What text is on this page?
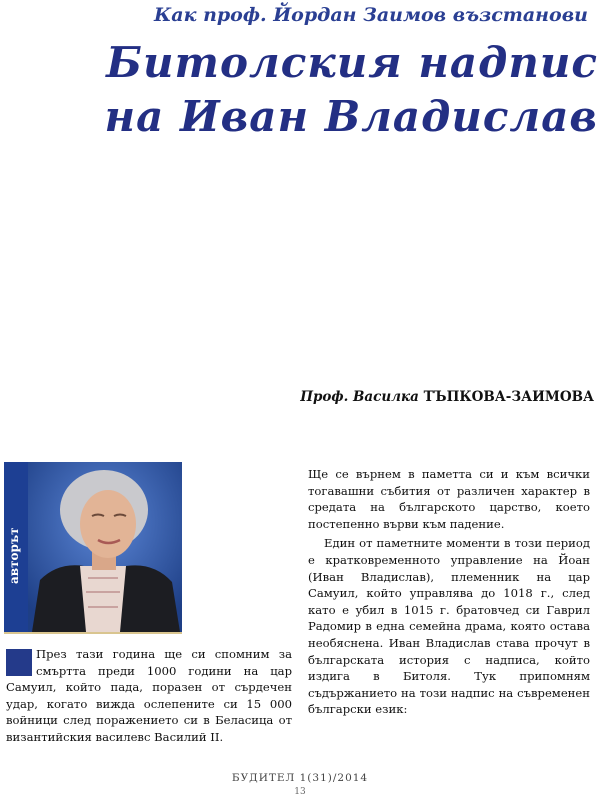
Как проф. Йордан Заимов възстанови
Битолския надпис на Иван Владислав
Проф. Василка ТЪПКОВА-ЗАИМОВА
авторът
През тази година ще си спомним за смъртта преди 1000 години на цар Самуил, който пада, поразен от сърдечен удар, когато вижда ослепените си 15 000 войници след поражението си в Беласица от византийския василевс Василий II.

Ще се върнем в паметта си и към всички тогавашни събития от различен характер в средата на българското царство, което постепенно върви към падение.

Един от паметните моменти в този период е кратковременното управление на Йоан (Иван Владислав), племенник на цар Самуил, който управлява до 1018 г., след като е убил в 1015 г. братовчед си Гаврил Радомир в една семейна драма, която остава необяснена. Иван Владислав става прочут в българската история с надписа, който издига в Битоля. Тук припомням съдържанието на този надпис на съвременен български език:

БУДИТЕЛ 1(31)/2014
13
